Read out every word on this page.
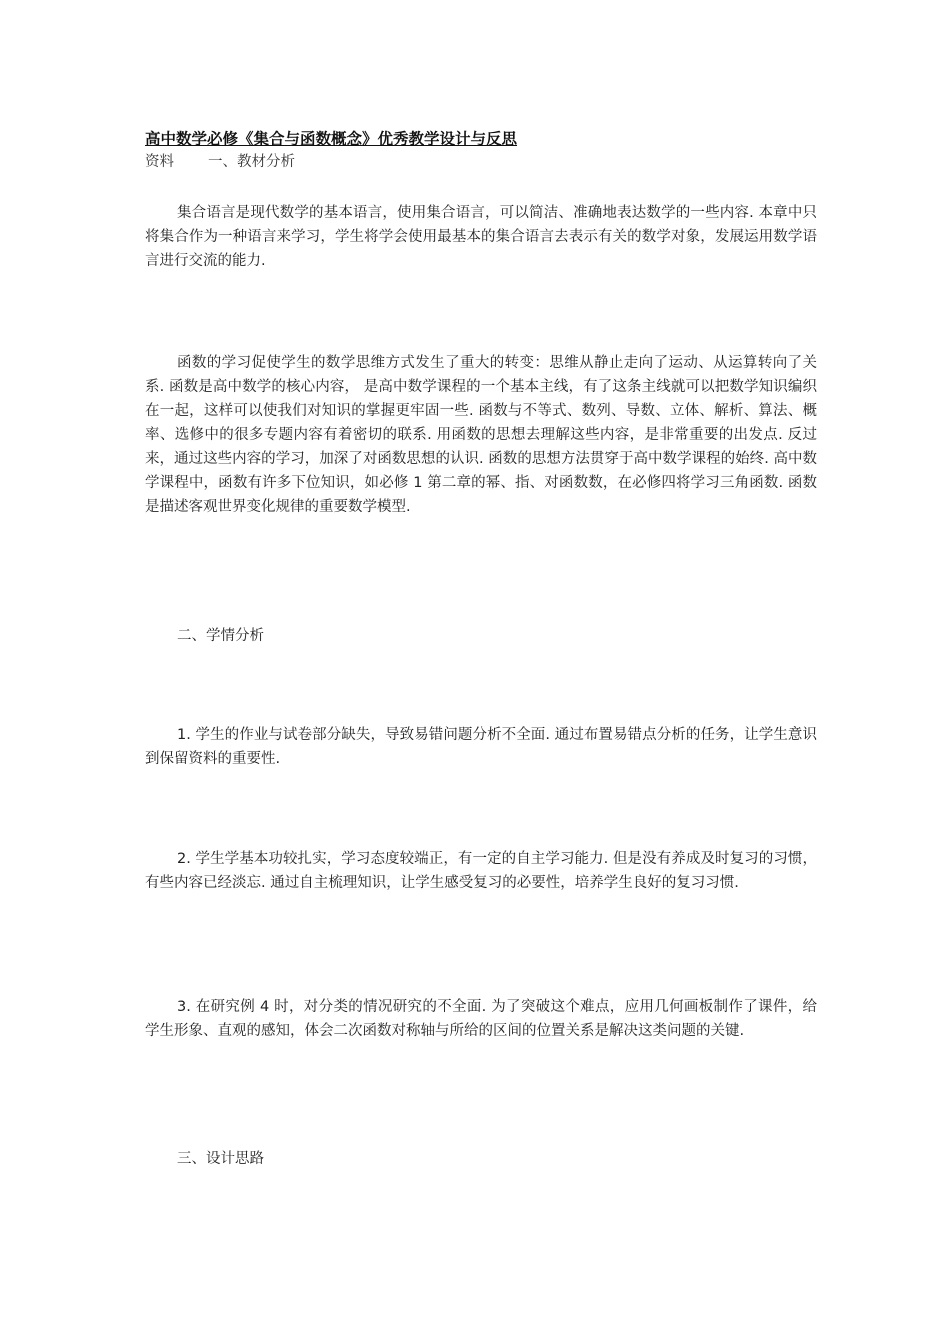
高中数学必修《集合与函数概念》优秀教学设计与反思

资料 一、教材分析

集合语言是现代数学的基本语言，使用集合语言，可以简洁、准确地表达数学的一些内容. 本章中只将集合作为一种语言来学习，学生将学会使用最基本的集合语言去表示有关的数学对象，发展运用数学语言进行交流的能力.

函数的学习促使学生的数学思维方式发生了重大的转变：思维从静止走向了运动、从运算转向了关系. 函数是高中数学的核心内容， 是高中数学课程的一个基本主线，有了这条主线就可以把数学知识编织在一起，这样可以使我们对知识的掌握更牢固一些. 函数与不等式、数列、导数、立体、解析、算法、概率、选修中的很多专题内容有着密切的联系. 用函数的思想去理解这些内容，是非常重要的出发点. 反过来，通过这些内容的学习，加深了对函数思想的认识. 函数的思想方法贯穿于高中数学课程的始终. 高中数学课程中，函数有许多下位知识，如必修 1 第二章的幂、指、对函数数，在必修四将学习三角函数. 函数是描述客观世界变化规律的重要数学模型.

二、学情分析

1. 学生的作业与试卷部分缺失，导致易错问题分析不全面. 通过布置易错点分析的任务，让学生意识到保留资料的重要性.

2. 学生学基本功较扎实，学习态度较端正，有一定的自主学习能力. 但是没有养成及时复习的习惯，有些内容已经淡忘. 通过自主梳理知识，让学生感受复习的必要性，培养学生良好的复习习惯.

3. 在研究例 4 时，对分类的情况研究的不全面. 为了突破这个难点，应用几何画板制作了课件，给学生形象、直观的感知，体会二次函数对称轴与所给的区间的位置关系是解决这类问题的关键.

三、设计思路
